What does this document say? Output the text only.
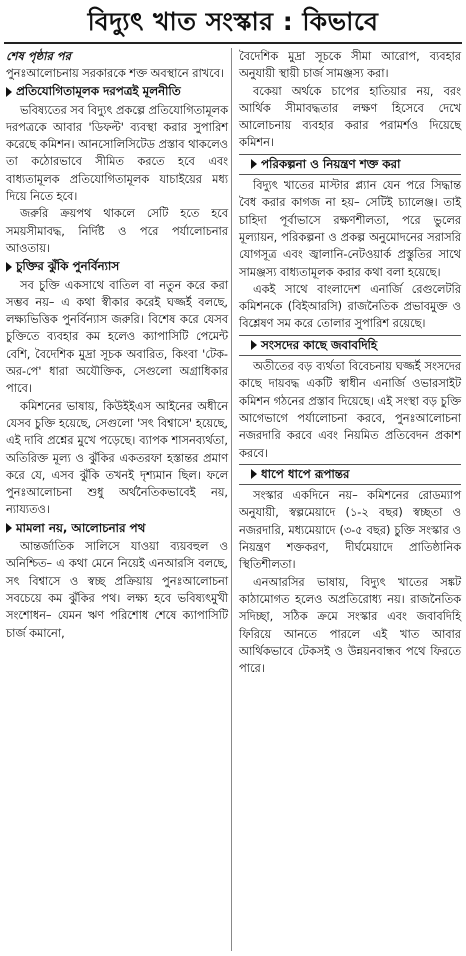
বিদ্যুৎ খাত সংস্কার : কিভাবে
শেষ পৃষ্ঠার পর

পুনঃআলোচনায় সরকারকে শক্ত অবস্থানে রাখবে।

প্রতিযোগিতামূলক দরপত্রই মূলনীতি

ভবিষ্যতের সব বিদ্যুৎ প্রকল্পে প্রতিযোগিতামূলক দরপত্রকে আবার 'ডিফল্ট' ব্যবস্থা করার সুপারিশ করেছে কমিশন। আনসোলিসিটেড প্রস্তাব থাকলেও তা কঠোরভাবে সীমিত করতে হবে এবং বাধ্যতামূলক প্রতিযোগিতামূলক যাচাইয়ের মধ্য দিয়ে নিতে হবে।

জরুরি ক্রয়পথ থাকলে সেটি হতে হবে সময়সীমাবদ্ধ, নির্দিষ্ট ও পরে পর্যালোচনার আওতায়।

চুক্তির ঝুঁকি পুনর্বিন্যাস

সব চুক্তি একসাথে বাতিল বা নতুন করে করা সম্ভব নয়– এ কথা স্বীকার করেই ঘজ্জর্ই বলছে, লক্ষ্যভিত্তিক পুনর্বিন্যাস জরুরি। বিশেষ করে যেসব চুক্তিতে ব্যবহার কম হলেও ক্যাপাসিটি পেমেন্ট বেশি, বৈদেশিক মুদ্রা সূচক অবারিত, কিংবা 'টেক-অর-পে' ধারা অযৌক্তিক, সেগুলো অগ্রাধিকার পাবে।

কমিশনের ভাষায়, কিউইইএস আইনের অধীনে যেসব চুক্তি হয়েছে, সেগুলো 'সৎ বিশ্বাসে' হয়েছে, এই দাবি প্রশ্নের মুখে পড়েছে। ব্যাপক শাসনব্যর্থতা, অতিরিক্ত মূল্য ও ঝুঁকির একতরফা হস্তান্তর প্রমাণ করে যে, এসব ঝুঁকি তখনই দৃশ্যমান ছিল। ফলে পুনঃআলোচনা শুধু অর্থনৈতিকভাবেই নয়, ন্যায্যতও।

মামলা নয়, আলোচনার পথ

আন্তর্জাতিক সালিসে যাওয়া ব্যয়বহুল ও অনিশ্চিত– এ কথা মেনে নিয়েই এনআরসি বলছে, সৎ বিশ্বাসে ও স্বচ্ছ প্রক্রিয়ায় পুনঃআলোচনা সবচেয়ে কম ঝুঁকির পথ। লক্ষ্য হবে ভবিষ্যৎমুখী সংশোধন– যেমন ঋণ পরিশোধ শেষে ক্যাপাসিটি চার্জ কমানো,

বৈদেশিক মুদ্রা সূচকে সীমা আরোপ, ব্যবহার অনুযায়ী স্থায়ী চার্জ সামঞ্জস্য করা।

বকেয়া অর্থকে চাপের হাতিয়ার নয়, বরং আর্থিক সীমাবদ্ধতার লক্ষণ হিসেবে দেখে আলোচনায় ব্যবহার করার পরামর্শও দিয়েছে কমিশন।

পরিকল্পনা ও নিয়ন্ত্রণ শক্ত করা

বিদ্যুৎ খাতের মাস্টার প্ল্যান যেন পরে সিদ্ধান্ত বৈধ করার কাগজ না হয়– সেটিই চ্যালেঞ্জ। তাই চাহিদা পূর্বাভাসে রক্ষণশীলতা, পরে ভুলের মূল্যায়ন, পরিকল্পনা ও প্রকল্প অনুমোদনের সরাসরি যোগসূত্র এবং জ্বালানি-নেটওয়ার্ক প্রস্তুতির সাথে সামঞ্জস্য বাধ্যতামূলক করার কথা বলা হয়েছে।

একই সাথে বাংলাদেশ এনার্জি রেগুলেটরি কমিশনকে (বিইআরসি) রাজনৈতিক প্রভাবমুক্ত ও বিশ্লেষণ সম করে তোলার সুপারিশ রয়েছে।

সংসদের কাছে জবাবদিহি

অতীতের বড় ব্যর্থতা বিবেচনায় ঘজ্জর্ই সংসদের কাছে দায়বদ্ধ একটি স্বাধীন এনার্জি ওভারসাইট কমিশন গঠনের প্রস্তাব দিয়েছে। এই সংস্থা বড় চুক্তি আগেভাগে পর্যালোচনা করবে, পুনঃআলোচনা নজরদারি করবে এবং নিয়মিত প্রতিবেদন প্রকাশ করবে।

ধাপে ধাপে রূপান্তর

সংস্কার একদিনে নয়– কমিশনের রোডম্যাপ অনুযায়ী, স্বল্পমেয়াদে (১-২ বছর) স্বচ্ছতা ও নজরদারি, মধ্যমেয়াদে (৩-৫ বছর) চুক্তি সংস্কার ও নিয়ন্ত্রণ শক্তকরণ, দীর্ঘমেয়াদে প্রাতিষ্ঠানিক স্থিতিশীলতা।

এনআরসির ভাষায়, বিদ্যুৎ খাতের সঙ্কট কাঠামোগত হলেও অপ্রতিরোধ্য নয়। রাজনৈতিক সদিচ্ছা, সঠিক ক্রমে সংস্কার এবং জবাবদিহি ফিরিয়ে আনতে পারলে এই খাত আবার আর্থিকভাবে টেকসই ও উন্নয়নবান্ধব পথে ফিরতে পারে।
